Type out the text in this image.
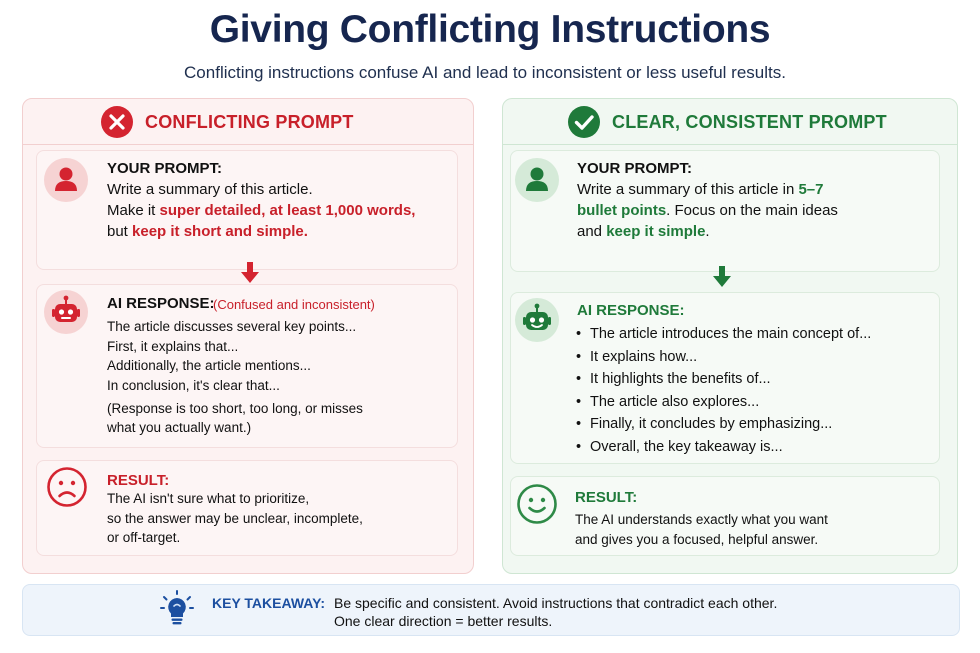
Giving Conflicting Instructions
Conflicting instructions confuse AI and lead to inconsistent or less useful results.
CONFLICTING PROMPT
YOUR PROMPT:
Write a summary of this article.
Make it super detailed, at least 1,000 words,
but keep it short and simple.
AI RESPONSE:
(Confused and inconsistent)
The article discusses several key points...
First, it explains that...
Additionally, the article mentions...
In conclusion, it's clear that...
(Response is too short, too long, or misses
what you actually want.)
RESULT:
The AI isn't sure what to prioritize,
so the answer may be unclear, incomplete,
or off-target.
CLEAR, CONSISTENT PROMPT
YOUR PROMPT:
Write a summary of this article in 5–7
bullet points. Focus on the main ideas
and keep it simple.
AI RESPONSE:
• The article introduces the main concept of...
• It explains how...
• It highlights the benefits of...
• The article also explores...
• Finally, it concludes by emphasizing...
• Overall, the key takeaway is...
RESULT:
The AI understands exactly what you want
and gives you a focused, helpful answer.
KEY TAKEAWAY: Be specific and consistent. Avoid instructions that contradict each other.
One clear direction = better results.
